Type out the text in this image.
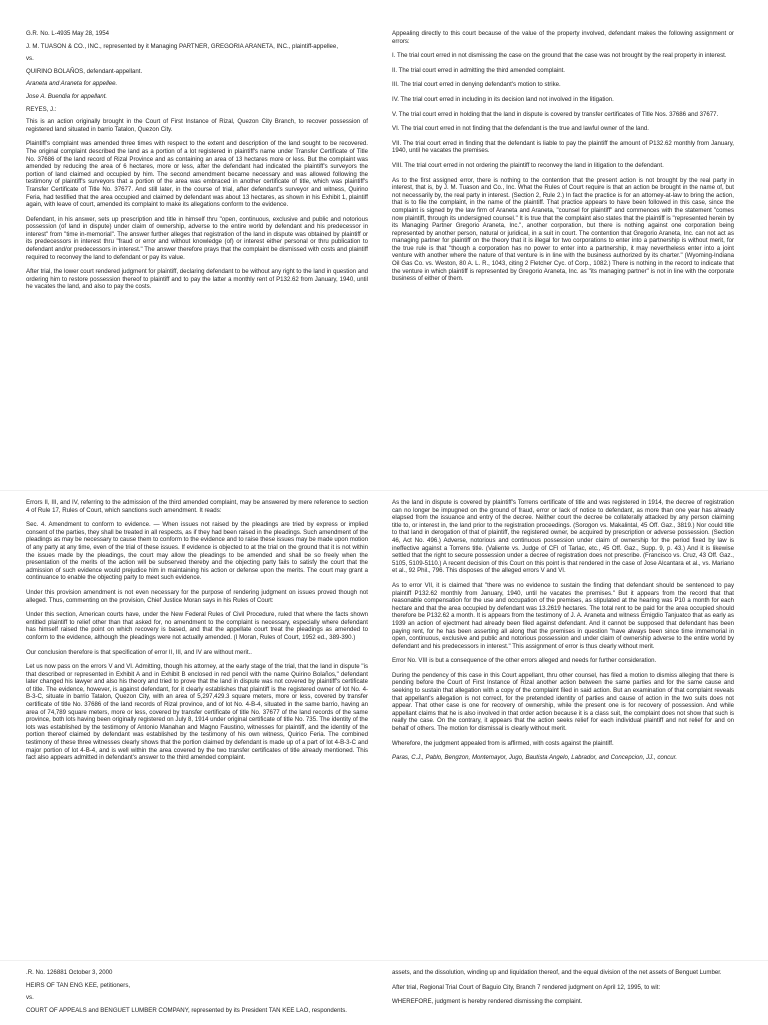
G.R. No. L-4935 May 28, 1954

J. M. TUASON & CO., INC., represented by it Managing PARTNER, GREGORIA ARANETA, INC., plaintiff-appellee,

vs.

QUIRINO BOLAÑOS, defendant-appellant.

Araneta and Araneta for appellee.

Jose A. Buendia for appellant.

REYES, J.:

This is an action originally brought in the Court of First Instance of Rizal, Quezon City Branch, to recover possession of registered land situated in barrio Tatalon, Quezon City.

Plaintiff's complaint was amended three times with respect to the extent and description of the land sought to be recovered. The original complaint described the land as a portion of a lot registered in plaintiff's name under Transfer Certificate of Title No. 37686 of the land record of Rizal Province and as containing an area of 13 hectares more or less. But the complaint was amended by reducing the area of 6 hectares, more or less, after the defendant had indicated the plaintiff's surveyors the portion of land claimed and occupied by him. The second amendment became necessary and was allowed following the testimony of plaintiff's surveyors that a portion of the area was embraced in another certificate of title, which was plaintiff's Transfer Certificate of Title No. 37677. And still later, in the course of trial, after defendant's surveyor and witness, Quirino Feria, had testified that the area occupied and claimed by defendant was about 13 hectares, as shown in his Exhibit 1, plaintiff again, with leave of court, amended its complaint to make its allegations conform to the evidence.

Defendant, in his answer, sets up prescription and title in himself thru "open, continuous, exclusive and public and notorious possession (of land in dispute) under claim of ownership, adverse to the entire world by defendant and his predecessor in interest" from "time in-memorial". The answer further alleges that registration of the land in dispute was obtained by plaintiff or its predecessors in interest thru "fraud or error and without knowledge (of) or interest either personal or thru publication to defendant and/or predecessors in interest." The answer therefore prays that the complaint be dismissed with costs and plaintiff required to reconvey the land to defendant or pay its value.

After trial, the lower court rendered judgment for plaintiff, declaring defendant to be without any right to the land in question and ordering him to restore possession thereof to plaintiff and to pay the latter a monthly rent of P132.62 from January, 1940, until he vacates the land, and also to pay the costs.

Appealing directly to this court because of the value of the property involved, defendant makes the following assignment or errors:

I. The trial court erred in not dismissing the case on the ground that the case was not brought by the real property in interest.

II. The trial court erred in admitting the third amended complaint.

III. The trial court erred in denying defendant's motion to strike.

IV. The trial court erred in including in its decision land not involved in the litigation.

V. The trial court erred in holding that the land in dispute is covered by transfer certificates of Title Nos. 37686 and 37677.

VI. The trial court erred in not finding that the defendant is the true and lawful owner of the land.

VII. The trial court erred in finding that the defendant is liable to pay the plaintiff the amount of P132.62 monthly from January, 1940, until he vacates the premises.

VIII. The trial court erred in not ordering the plaintiff to reconvey the land in litigation to the defendant.

As to the first assigned error, there is nothing to the contention that the present action is not brought by the real party in interest, that is, by J. M. Tuason and Co., Inc. What the Rules of Court require is that an action be brought in the name of, but not necessarily by, the real party in interest. (Section 2, Rule 2.) In fact the practice is for an attorney-at-law to bring the action, that is to file the complaint, in the name of the plaintiff. That practice appears to have been followed in this case, since the complaint is signed by the law firm of Araneta and Araneta, "counsel for plaintiff" and commences with the statement "comes now plaintiff, through its undersigned counsel." It is true that the complaint also states that the plaintiff is "represented herein by its Managing Partner Gregorio Araneta, Inc.", another corporation, but there is nothing against one corporation being represented by another person, natural or juridical, in a suit in court. The contention that Gregorio Araneta, Inc. can not act as managing partner for plaintiff on the theory that it is illegal for two corporations to enter into a partnership is without merit, for the true rule is that "though a corporation has no power to enter into a partnership, it may nevertheless enter into a joint venture with another where the nature of that venture is in line with the business authorized by its charter." (Wyoming-Indiana Oil Gas Co. vs. Weston, 80 A. L. R., 1043, citing 2 Fletcher Cyc. of Corp., 1082.) There is nothing in the record to indicate that the venture in which plaintiff is represented by Gregorio Araneta, Inc. as "its managing partner" is not in line with the corporate business of either of them.

Errors II, III, and IV, referring to the admission of the third amended complaint, may be answered by mere reference to section 4 of Rule 17, Rules of Court, which sanctions such amendment. It reads:

Sec. 4. Amendment to conform to evidence. — When issues not raised by the pleadings are tried by express or implied consent of the parties, they shall be treated in all respects, as if they had been raised in the pleadings. Such amendment of the pleadings as may be necessary to cause them to conform to the evidence and to raise these issues may be made upon motion of any party at any time, even of the trial of these issues. If evidence is objected to at the trial on the ground that it is not within the issues made by the pleadings, the court may allow the pleadings to be amended and shall be so freely when the presentation of the merits of the action will be subserved thereby and the objecting party fails to satisfy the court that the admission of such evidence would prejudice him in maintaining his action or defense upon the merits. The court may grant a continuance to enable the objecting party to meet such evidence.

Under this provision amendment is not even necessary for the purpose of rendering judgment on issues proved though not alleged. Thus, commenting on the provision, Chief Justice Moran says in his Rules of Court:

Under this section, American courts have, under the New Federal Rules of Civil Procedure, ruled that where the facts shown entitled plaintiff to relief other than that asked for, no amendment to the complaint is necessary, especially where defendant has himself raised the point on which recovery is based, and that the appellate court treat the pleadings as amended to conform to the evidence, although the pleadings were not actually amended. (I Moran, Rules of Court, 1952 ed., 389-390.)

Our conclusion therefore is that specification of error II, III, and IV are without merit..

Let us now pass on the errors V and VI. Admitting, though his attorney, at the early stage of the trial, that the land in dispute "is that described or represented in Exhibit A and in Exhibit B enclosed in red pencil with the name Quirino Bolaños," defendant later changed his lawyer and also his theory and tried to prove that the land in dispute was not covered by plaintiff's certificate of title. The evidence, however, is against defendant, for it clearly establishes that plaintiff is the registered owner of lot No. 4-B-3-C, situate in barrio Tatalon, Quezon City, with an area of 5,297,429.3 square meters, more or less, covered by transfer certificate of title No. 37686 of the land records of Rizal province, and of lot No. 4-B-4, situated in the same barrio, having an area of 74,789 square meters, more or less, covered by transfer certificate of title No. 37677 of the land records of the same province, both lots having been originally registered on July 8, 1914 under original certificate of title No. 735. The identity of the lots was established by the testimony of Antonio Manahan and Magno Faustino, witnesses for plaintiff, and the identity of the portion thereof claimed by defendant was established by the testimony of his own witness, Quirico Feria. The combined testimony of these three witnesses clearly shows that the portion claimed by defendant is made up of a part of lot 4-B-3-C and major portion of lot 4-B-4, and is well within the area covered by the two transfer certificates of title already mentioned. This fact also appears admitted in defendant's answer to the third amended complaint.

As the land in dispute is covered by plaintiff's Torrens certificate of title and was registered in 1914, the decree of registration can no longer be impugned on the ground of fraud, error or lack of notice to defendant, as more than one year has already elapsed from the issuance and entry of the decree. Neither court the decree be collaterally attacked by any person claiming title to, or interest in, the land prior to the registration proceedings. (Sorogon vs. Makalintal, 45 Off. Gaz., 3819.) Nor could title to that land in derogation of that of plaintiff, the registered owner, be acquired by prescription or adverse possession. (Section 46, Act No. 496.) Adverse, notorious and continuous possession under claim of ownership for the period fixed by law is ineffective against a Torrens title. (Valiente vs. Judge of CFI of Tarlac, etc., 45 Off. Gaz., Supp. 9, p. 43.) And it is likewise settled that the right to secure possession under a decree of registration does not prescribe. (Francisco vs. Cruz, 43 Off. Gaz., 5105, 5109-5110.) A recent decision of this Court on this point is that rendered in the case of Jose Alcantara et al., vs. Mariano et al., 92 Phil., 796. This disposes of the alleged errors V and VI.

As to error VII, it is claimed that "there was no evidence to sustain the finding that defendant should be sentenced to pay plaintiff P132.62 monthly from January, 1940, until he vacates the premises." But it appears from the record that that reasonable compensation for the use and occupation of the premises, as stipulated at the hearing was P10 a month for each hectare and that the area occupied by defendant was 13.2619 hectares. The total rent to be paid for the area occupied should therefore be P132.62 a month. It is appears from the testimony of J. A. Araneta and witness Emigdio Tanjuatco that as early as 1939 an action of ejectment had already been filed against defendant. And it cannot be supposed that defendant has been paying rent, for he has been asserting all along that the premises in question "have always been since time immemorial in open, continuous, exclusive and public and notorious possession and under claim of ownership adverse to the entire world by defendant and his predecessors in interest." This assignment of error is thus clearly without merit.

Error No. VIII is but a consequence of the other errors alleged and needs for further consideration.

During the pendency of this case in this Court appellant, thru other counsel, has filed a motion to dismiss alleging that there is pending before the Court of First Instance of Rizal another action between the same parties and for the same cause and seeking to sustain that allegation with a copy of the complaint filed in said action. But an examination of that complaint reveals that appellant's allegation is not correct, for the pretended identity of parties and cause of action in the two suits does not appear. That other case is one for recovery of ownership, while the present one is for recovery of possession. And while appellant claims that he is also involved in that order action because it is a class suit, the complaint does not show that such is really the case. On the contrary, it appears that the action seeks relief for each individual plaintiff and not relief for and on behalf of others. The motion for dismissal is clearly without merit.

Wherefore, the judgment appealed from is affirmed, with costs against the plaintiff.

Paras, C.J., Pablo, Bengzon, Montemayor, Jugo, Bautista Angelo, Labrador, and Concepcion, JJ., concur.

.R. No. 126881 October 3, 2000

HEIRS OF TAN ENG KEE, petitioners,

vs.

COURT OF APPEALS and BENGUET LUMBER COMPANY, represented by its President TAN KEE LAO, respondents.

assets, and the dissolution, winding up and liquidation thereof, and the equal division of the net assets of Benguet Lumber.

After trial, Regional Trial Court of Baguio City, Branch 7 rendered judgment on April 12, 1995, to wit:

WHEREFORE, judgment is hereby rendered dismissing the complaint.
